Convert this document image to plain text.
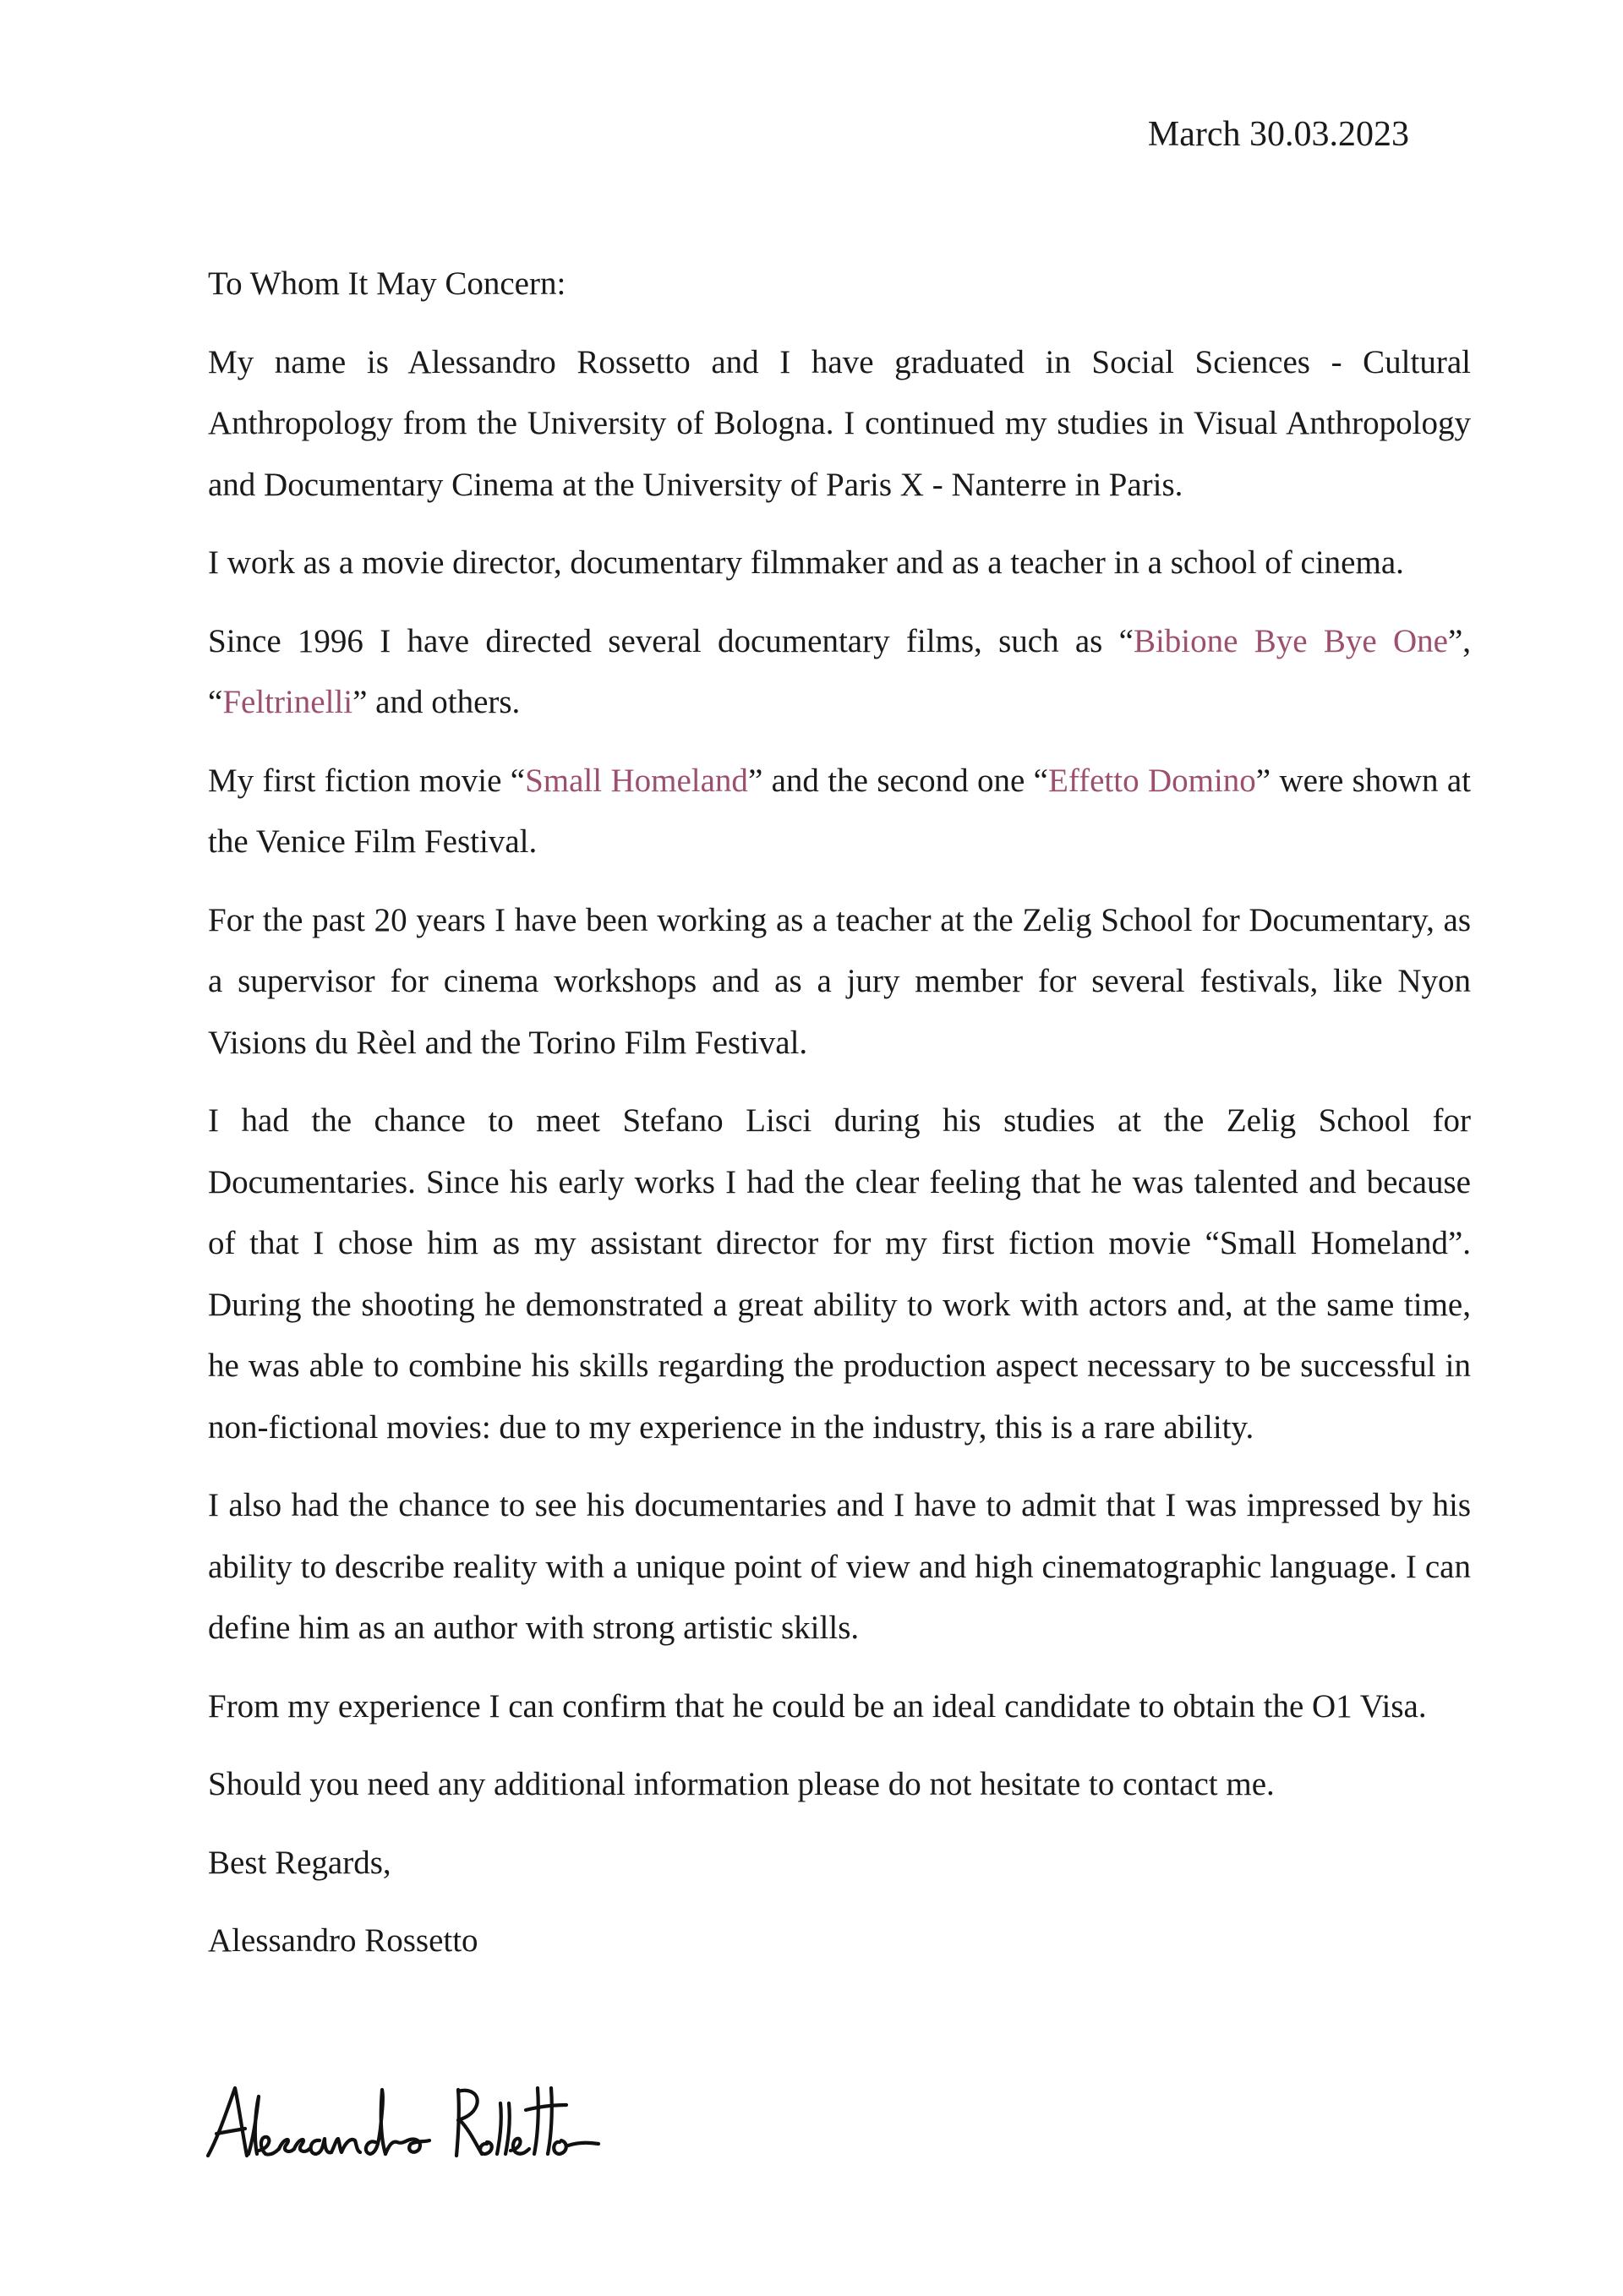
March 30.03.2023

To Whom It May Concern:

My name is Alessandro Rossetto and I have graduated in Social Sciences - Cultural Anthropology from the University of Bologna. I continued my studies in Visual Anthropology and Documentary Cinema at the University of Paris X - Nanterre in Paris.

I work as a movie director, documentary filmmaker and as a teacher in a school of cinema.

Since 1996 I have directed several documentary films, such as “Bibione Bye Bye One”, “Feltrinelli” and others.

My first fiction movie “Small Homeland” and the second one “Effetto Domino” were shown at the Venice Film Festival.

For the past 20 years I have been working as a teacher at the Zelig School for Documentary, as a supervisor for cinema workshops and as a jury member for several festivals, like Nyon Visions du Rèel and the Torino Film Festival.

I had the chance to meet Stefano Lisci during his studies at the Zelig School for Documentaries. Since his early works I had the clear feeling that he was talented and because of that I chose him as my assistant director for my first fiction movie “Small Homeland”. During the shooting he demonstrated a great ability to work with actors and, at the same time, he was able to combine his skills regarding the production aspect necessary to be successful in non-fictional movies: due to my experience in the industry, this is a rare ability.

I also had the chance to see his documentaries and I have to admit that I was impressed by his ability to describe reality with a unique point of view and high cinematographic language. I can define him as an author with strong artistic skills.

From my experience I can confirm that he could be an ideal candidate to obtain the O1 Visa.

Should you need any additional information please do not hesitate to contact me.

Best Regards,

Alessandro Rossetto
